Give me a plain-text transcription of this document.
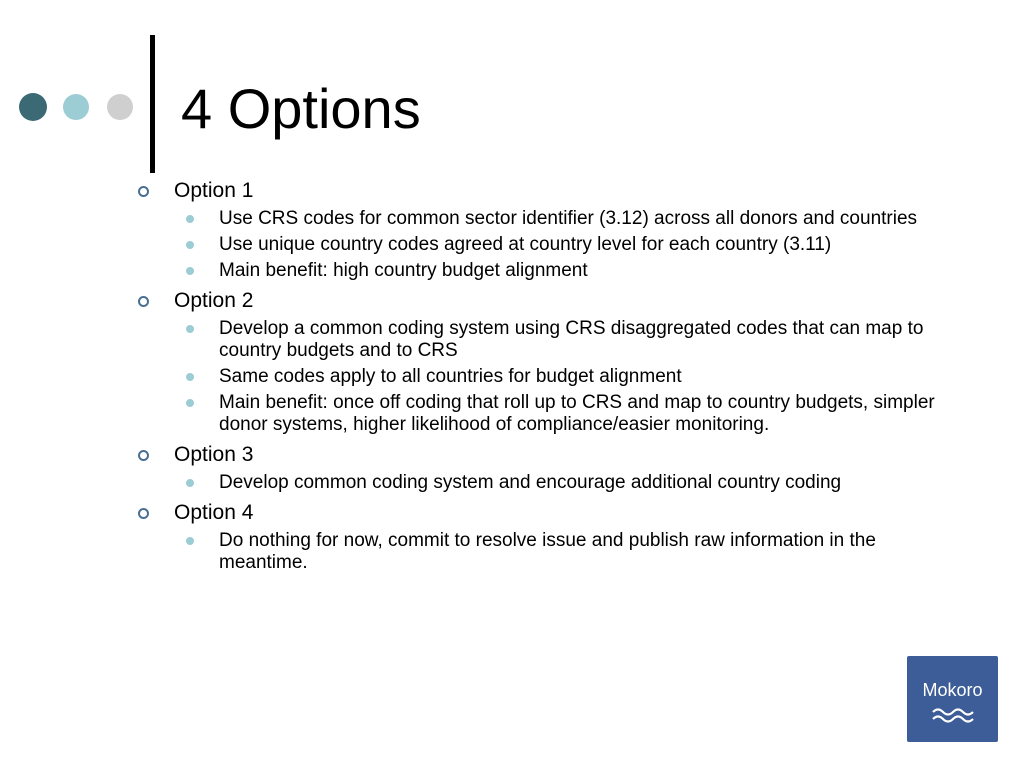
4 Options
Option 1
Use CRS codes for common sector identifier (3.12) across all donors and countries
Use unique country codes agreed at country level for each country (3.11)
Main benefit: high country budget alignment
Option 2
Develop a common coding system using CRS disaggregated codes that can map to country budgets and to CRS
Same codes apply to all countries for budget alignment
Main benefit: once off coding that roll up to CRS and map to country budgets, simpler donor systems, higher likelihood of compliance/easier monitoring.
Option 3
Develop common coding system and encourage additional country coding
Option 4
Do nothing for now, commit to resolve issue and publish raw information in the meantime.
Mokoro
